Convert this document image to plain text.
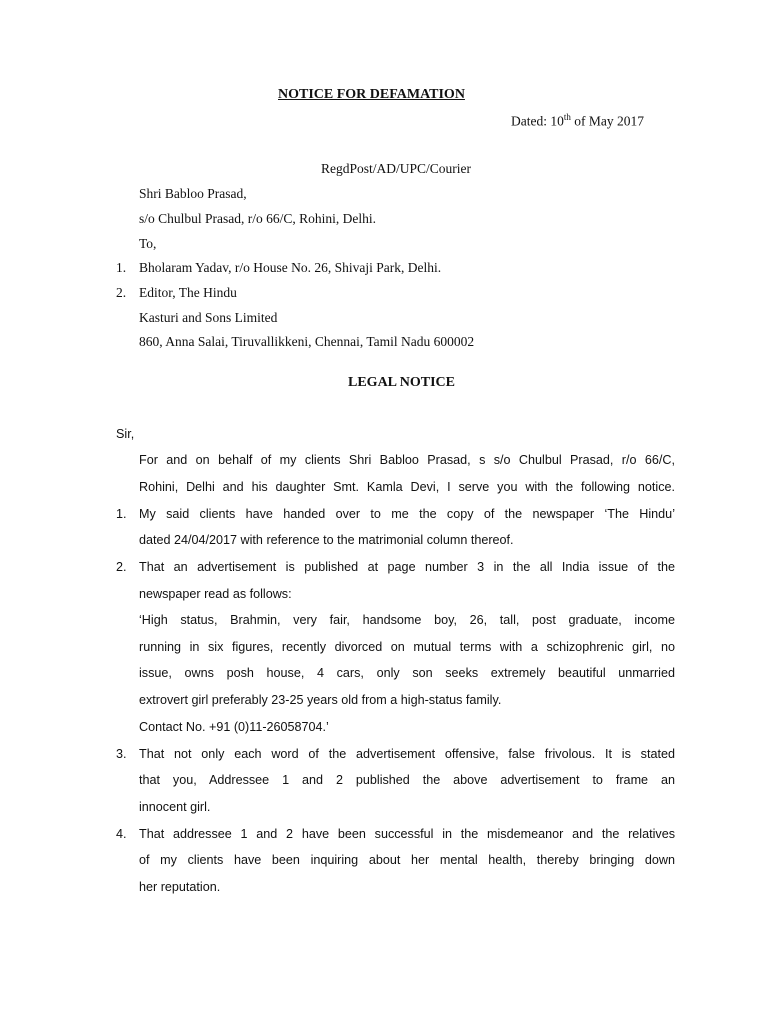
NOTICE FOR DEFAMATION
Dated: 10th of May 2017
RegdPost/AD/UPC/Courier
Shri Babloo Prasad,
s/o Chulbul Prasad, r/o 66/C, Rohini, Delhi.
To,
1. Bholaram Yadav, r/o House No. 26, Shivaji Park, Delhi.
2. Editor, The Hindu
Kasturi and Sons Limited
860, Anna Salai, Tiruvallikkeni, Chennai, Tamil Nadu 600002
LEGAL NOTICE
Sir,
For and on behalf of my clients Shri Babloo Prasad, s s/o Chulbul Prasad, r/o 66/C,
Rohini, Delhi and his daughter Smt. Kamla Devi, I serve you with the following notice.
1. My said clients have handed over to me the copy of the newspaper ‘The Hindu’
dated 24/04/2017 with reference to the matrimonial column thereof.
2. That an advertisement is published at page number 3 in the all India issue of the
newspaper read as follows:
‘High status, Brahmin, very fair, handsome boy, 26, tall, post graduate, income
running in six figures, recently divorced on mutual terms with a schizophrenic girl, no
issue, owns posh house, 4 cars, only son seeks extremely beautiful unmarried
extrovert girl preferably 23-25 years old from a high-status family.
Contact No. +91 (0)11-26058704.’
3. That not only each word of the advertisement offensive, false frivolous. It is stated
that you, Addressee 1 and 2 published the above advertisement to frame an
innocent girl.
4. That addressee 1 and 2 have been successful in the misdemeanor and the relatives
of my clients have been inquiring about her mental health, thereby bringing down
her reputation.
